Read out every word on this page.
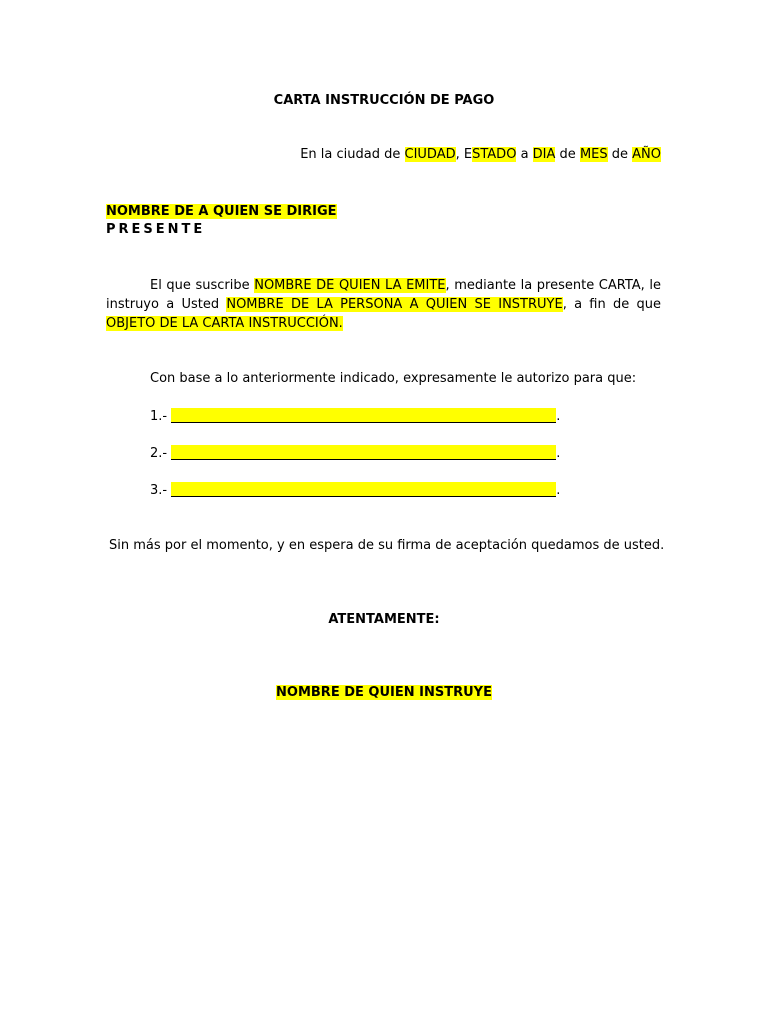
CARTA INSTRUCCIÓN DE PAGO
En la ciudad de CIUDAD, ESTADO a DIA de MES de AÑO
NOMBRE DE A QUIEN SE DIRIGE
PRESENTE
El que suscribe NOMBRE DE QUIEN LA EMITE, mediante la presente CARTA, le instruyo a Usted NOMBRE DE LA PERSONA A QUIEN SE INSTRUYE, a fin de que OBJETO DE LA CARTA INSTRUCCIÓN.
Con base a lo anteriormente indicado, expresamente le autorizo para que:
1.-	.
2.-	.
3.-	.
Sin más por el momento, y en espera de su firma de aceptación quedamos de usted.
ATENTAMENTE:
NOMBRE DE QUIEN INSTRUYE
